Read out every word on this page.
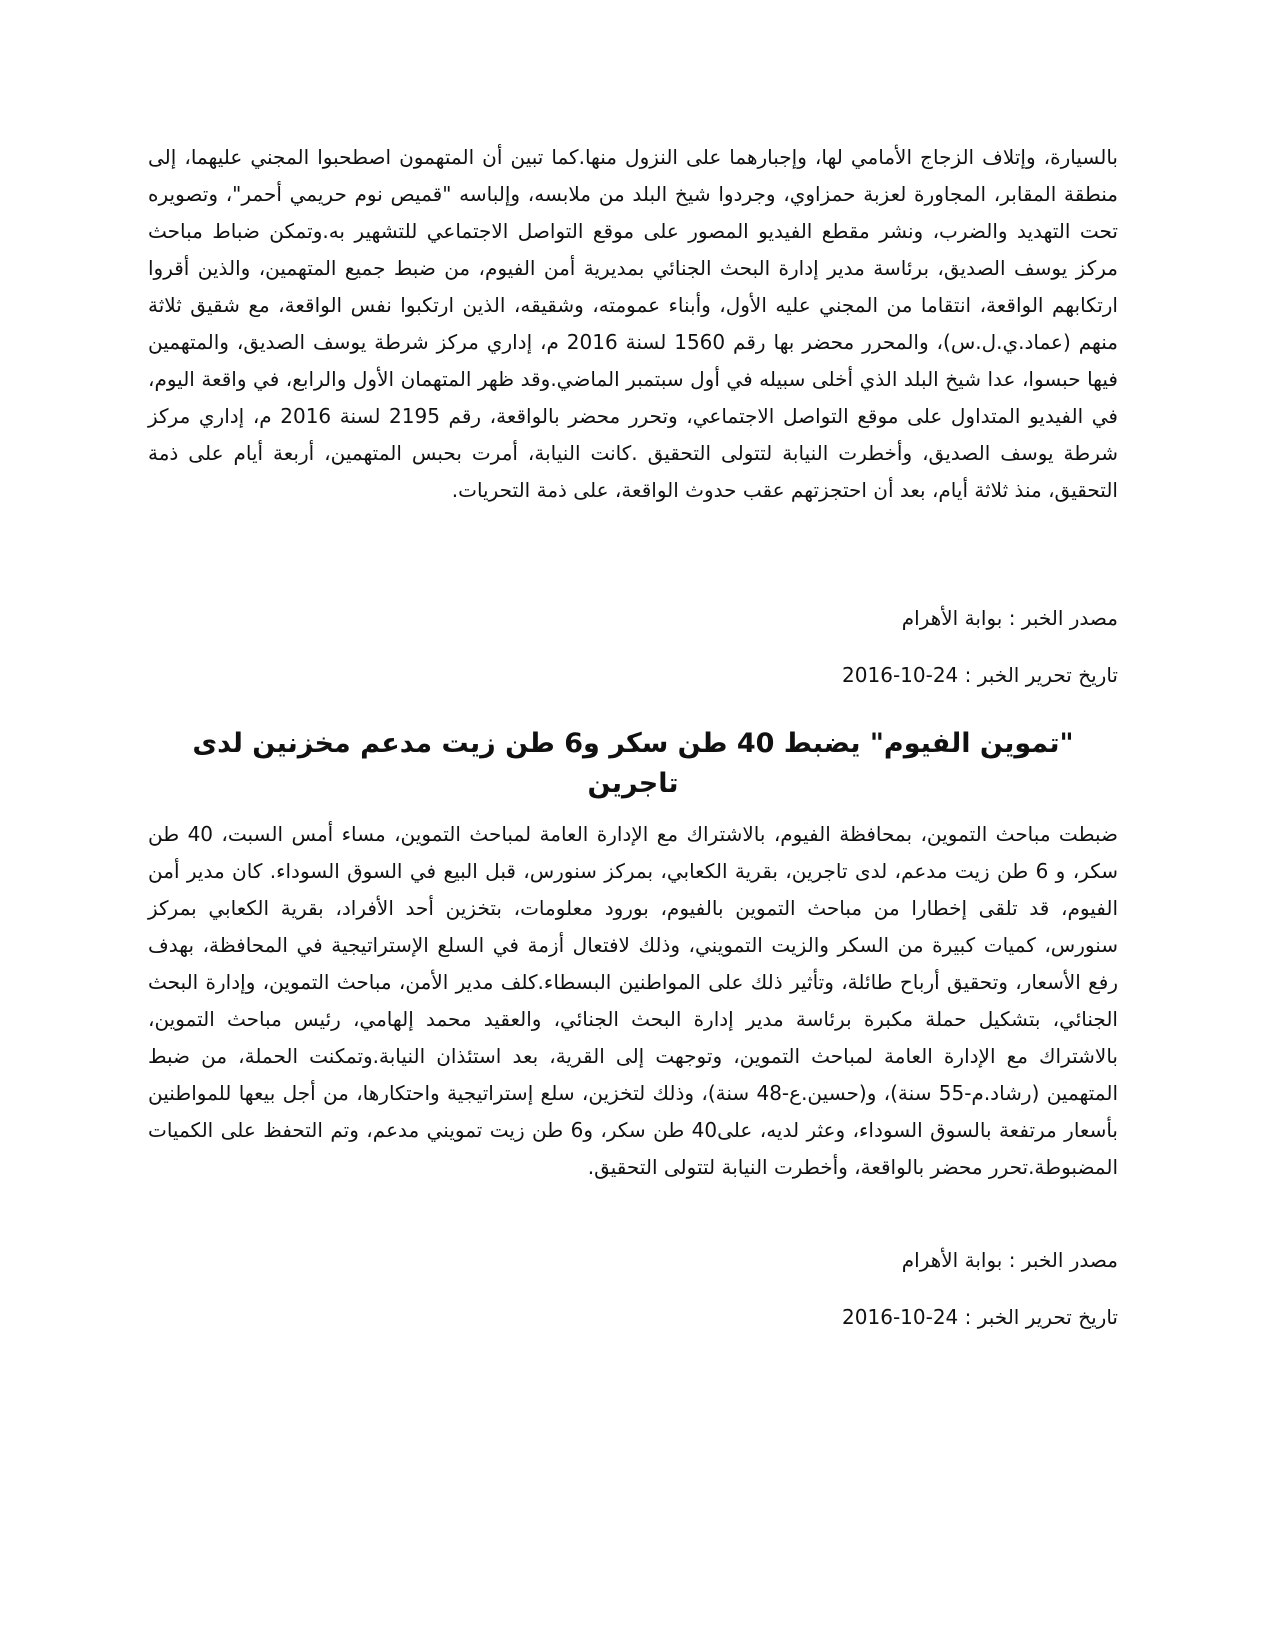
بالسيارة، وإتلاف الزجاج الأمامي لها، وإجبارهما على النزول منها.كما تبين أن المتهمون اصطحبوا المجني عليهما، إلى منطقة المقابر، المجاورة لعزبة حمزاوي، وجردوا شيخ البلد من ملابسه، وإلباسه "قميص نوم حريمي أحمر"، وتصويره تحت التهديد والضرب، ونشر مقطع الفيديو المصور على موقع التواصل الاجتماعي للتشهير به.وتمكن ضباط مباحث مركز يوسف الصديق، برئاسة مدير إدارة البحث الجنائي بمديرية أمن الفيوم، من ضبط جميع المتهمين، والذين أقروا ارتكابهم الواقعة، انتقاما من المجني عليه الأول، وأبناء عمومته، وشقيقه، الذين ارتكبوا نفس الواقعة، مع شقيق ثلاثة منهم (عماد.ي.ل.س)، والمحرر محضر بها رقم 1560 لسنة 2016 م، إداري مركز شرطة يوسف الصديق، والمتهمين فيها حبسوا، عدا شيخ البلد الذي أخلى سبيله في أول سبتمبر الماضي.وقد ظهر المتهمان الأول والرابع، في واقعة اليوم، في الفيديو المتداول على موقع التواصل الاجتماعي، وتحرر محضر بالواقعة، رقم 2195 لسنة 2016 م، إداري مركز شرطة يوسف الصديق، وأخطرت النيابة لتتولى التحقيق .كانت النيابة، أمرت بحبس المتهمين، أربعة أيام على ذمة التحقيق، منذ ثلاثة أيام، بعد أن احتجزتهم عقب حدوث الواقعة، على ذمة التحريات.

مصدر الخبر : بوابة الأهرام

تاريخ تحرير الخبر : 24-10-2016

"تموين الفيوم" يضبط 40 طن سكر و6 طن زيت مدعم مخزنين لدى تاجرين

ضبطت مباحث التموين، بمحافظة الفيوم، بالاشتراك مع الإدارة العامة لمباحث التموين، مساء أمس السبت، 40 طن سكر، و 6 طن زيت مدعم، لدى تاجرين، بقرية الكعابي، بمركز سنورس، قبل البيع في السوق السوداء. كان مدير أمن الفيوم، قد تلقى إخطارا من مباحث التموين بالفيوم، بورود معلومات، بتخزين أحد الأفراد، بقرية الكعابي بمركز سنورس، كميات كبيرة من السكر والزيت التمويني، وذلك لافتعال أزمة في السلع الإستراتيجية في المحافظة، بهدف رفع الأسعار، وتحقيق أرباح طائلة، وتأثير ذلك على المواطنين البسطاء.كلف مدير الأمن، مباحث التموين، وإدارة البحث الجنائي، بتشكيل حملة مكبرة برئاسة مدير إدارة البحث الجنائي، والعقيد محمد إلهامي، رئيس مباحث التموين، بالاشتراك مع الإدارة العامة لمباحث التموين، وتوجهت إلى القرية، بعد استئذان النيابة.وتمكنت الحملة، من ضبط المتهمين (رشاد.م-55 سنة)، و(حسين.ع-48 سنة)، وذلك لتخزين، سلع إستراتيجية واحتكارها، من أجل بيعها للمواطنين بأسعار مرتفعة بالسوق السوداء، وعثر لديه، على40 طن سكر، و6 طن زيت تمويني مدعم، وتم التحفظ على الكميات المضبوطة.تحرر محضر بالواقعة، وأخطرت النيابة لتتولى التحقيق.

مصدر الخبر : بوابة الأهرام

تاريخ تحرير الخبر : 24-10-2016
